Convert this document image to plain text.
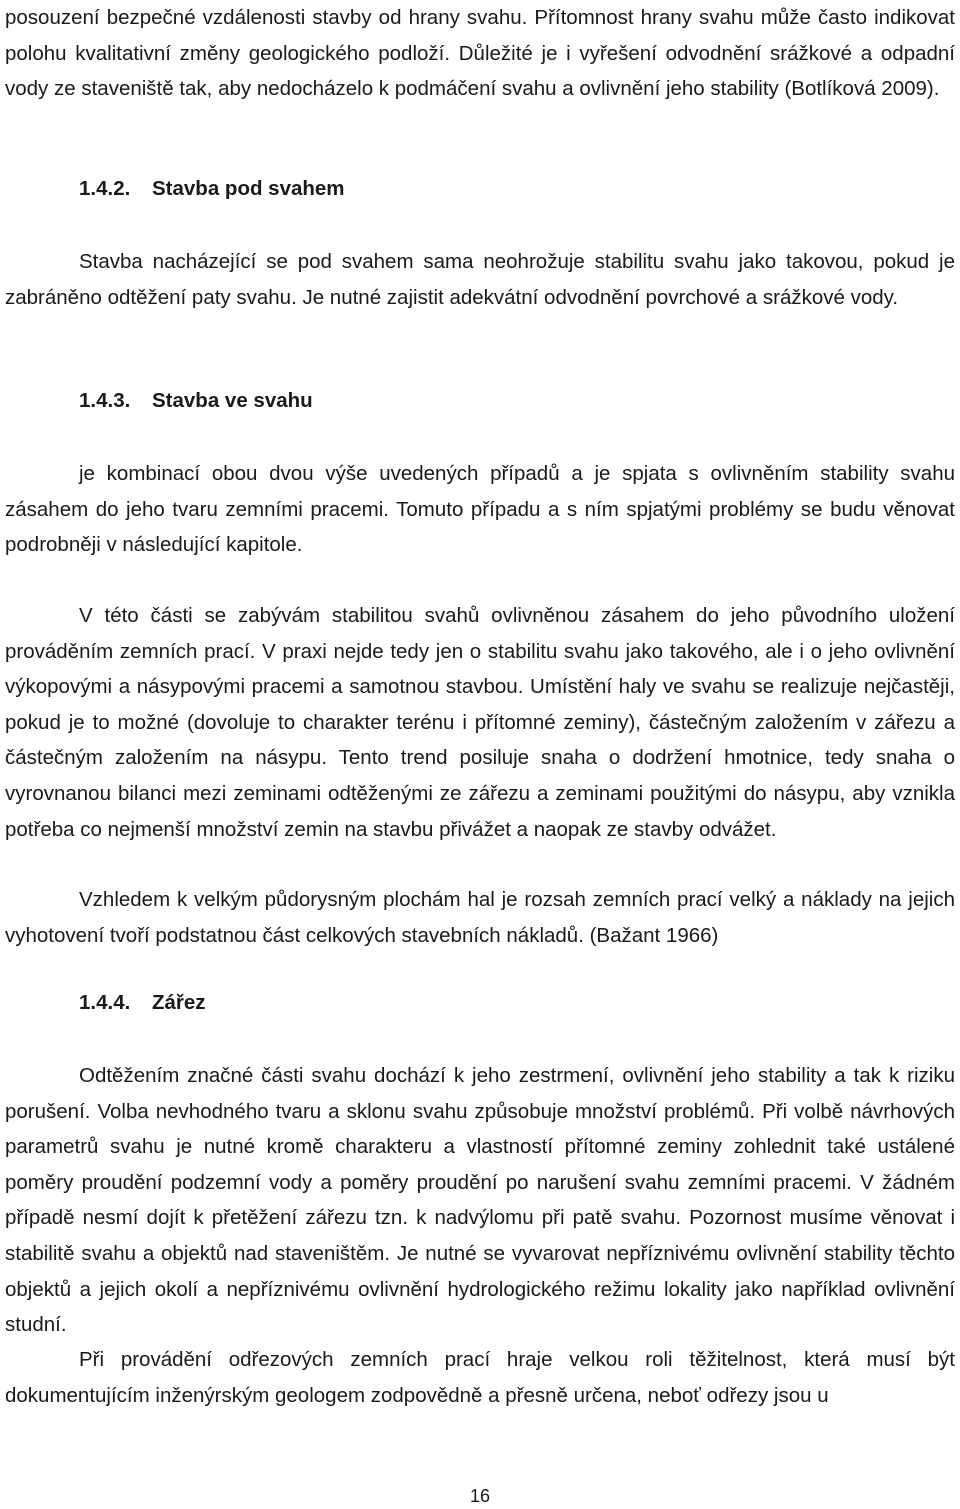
posouzení bezpečné vzdálenosti stavby od hrany svahu. Přítomnost hrany svahu může často indikovat polohu kvalitativní změny geologického podloží. Důležité je i vyřešení odvodnění srážkové a odpadní vody ze staveniště tak, aby nedocházelo k podmáčení svahu a ovlivnění jeho stability (Botlíková 2009).

1.4.2. Stavba pod svahem

Stavba nacházející se pod svahem sama neohrožuje stabilitu svahu jako takovou, pokud je zabráněno odtěžení paty svahu. Je nutné zajistit adekvátní odvodnění povrchové a srážkové vody.

1.4.3. Stavba ve svahu

je kombinací obou dvou výše uvedených případů a je spjata s ovlivněním stability svahu zásahem do jeho tvaru zemními pracemi. Tomuto případu a s ním spjatými problémy se budu věnovat podrobněji v následující kapitole.

V této části se zabývám stabilitou svahů ovlivněnou zásahem do jeho původního uložení prováděním zemních prací. V praxi nejde tedy jen o stabilitu svahu jako takového, ale i o jeho ovlivnění výkopovými a násypovými pracemi a samotnou stavbou. Umístění haly ve svahu se realizuje nejčastěji, pokud je to možné (dovoluje to charakter terénu i přítomné zeminy), částečným založením v zářezu a částečným založením na násypu. Tento trend posiluje snaha o dodržení hmotnice, tedy snaha o vyrovnanou bilanci mezi zeminami odtěženými ze zářezu a zeminami použitými do násypu, aby vznikla potřeba co nejmenší množství zemin na stavbu přivážet a naopak ze stavby odvážet.

Vzhledem k velkým půdorysným plochám hal je rozsah zemních prací velký a náklady na jejich vyhotovení tvoří podstatnou část celkových stavebních nákladů. (Bažant 1966)

1.4.4. Zářez

Odtěžením značné části svahu dochází k jeho zestrmení, ovlivnění jeho stability a tak k riziku porušení. Volba nevhodného tvaru a sklonu svahu způsobuje množství problémů. Při volbě návrhových parametrů svahu je nutné kromě charakteru a vlastností přítomné zeminy zohlednit také ustálené poměry proudění podzemní vody a poměry proudění po narušení svahu zemními pracemi. V žádném případě nesmí dojít k přetěžení zářezu tzn. k nadvýlomu při patě svahu. Pozornost musíme věnovat i stabilitě svahu a objektů nad staveništěm. Je nutné se vyvarovat nepříznivému ovlivnění stability těchto objektů a jejich okolí a nepříznivému ovlivnění hydrologického režimu lokality jako například ovlivnění studní.

Při provádění odřezových zemních prací hraje velkou roli těžitelnost, která musí být dokumentujícím inženýrským geologem zodpovědně a přesně určena, neboť odřezy jsou u

16
